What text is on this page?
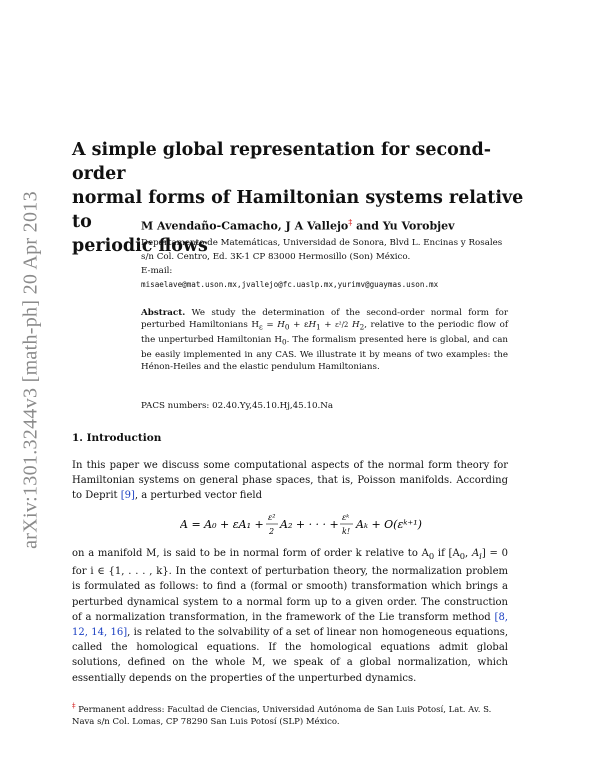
arXiv:1301.3244v3 [math-ph] 20 Apr 2013
A simple global representation for second-order
normal forms of Hamiltonian systems relative to
periodic flows
M Avendaño-Camacho, J A Vallejo‡ and Yu Vorobjev
Departamento de Matemáticas, Universidad de Sonora, Blvd L. Encinas y Rosales
s/n Col. Centro, Ed. 3K-1 CP 83000 Hermosillo (Son) México.
E-mail:
misaelave@mat.uson.mx,jvallejo@fc.uaslp.mx,yurimv@guaymas.uson.mx

Abstract. We study the determination of the second-order normal form for perturbed Hamiltonians $H_\varepsilon = H_0 + \varepsilon H_1 + \varepsilon^2/2$ $H_2$, relative to the periodic flow of the unperturbed Hamiltonian $H_0$. The formalism presented here is global, and can be easily implemented in any CAS. We illustrate it by means of two examples: the Hénon-Heiles and the elastic pendulum Hamiltonians.

PACS numbers: 02.40.Yy,45.10.Hj,45.10.Na
1. Introduction

In this paper we discuss some computational aspects of the normal form theory for Hamiltonian systems on general phase spaces, that is, Poisson manifolds. According to Deprit [9], a perturbed vector field

A = A₀ + εA₁ +
ε²
2
A₂ + · · · +
εᵏ
k!
Aₖ + O(εᵏ⁺¹)

on a manifold M, is said to be in normal form of order k relative to $A_0$ if [$A_0$, $A_i] = 0$ for i ∈ {1, . . . , k}. In the context of perturbation theory, the normalization problem is formulated as follows: to find a (formal or smooth) transformation which brings a perturbed dynamical system to a normal form up to a given order. The construction of a normalization transformation, in the framework of the Lie transform method [8, 12, 14, 16], is related to the solvability of a set of linear non homogeneous equations, called the homological equations. If the homological equations admit global solutions, defined on the whole M, we speak of a global normalization, which essentially depends on the properties of the unperturbed dynamics.

‡ Permanent address: Facultad de Ciencias, Universidad Autónoma de San Luis Potosí, Lat. Av. S. Nava s/n Col. Lomas, CP 78290 San Luis Potosí (SLP) México.
